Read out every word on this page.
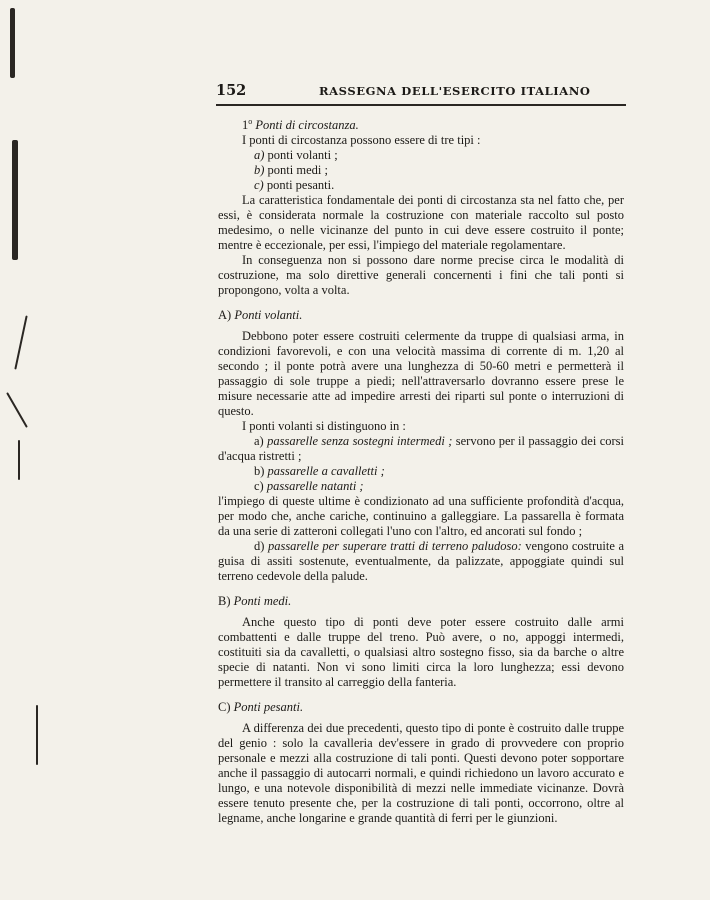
152	RASSEGNA DELL'ESERCITO ITALIANO

1$^o$ Ponti di circostanza.

I ponti di circostanza possono essere di tre tipi :

a) ponti volanti ;

b) ponti medi ;

c) ponti pesanti.

La caratteristica fondamentale dei ponti di circostanza sta nel fatto che, per essi, è considerata normale la costruzione con materiale raccolto sul posto medesimo, o nelle vicinanze del punto in cui deve essere costruito il ponte; mentre è eccezionale, per essi, l'impiego del materiale regolamentare.

In conseguenza non si possono dare norme precise circa le modalità di costruzione, ma solo direttive generali concernenti i fini che tali ponti si propongono, volta a volta.

A) Ponti volanti.

Debbono poter essere costruiti celermente da truppe di qualsiasi arma, in condizioni favorevoli, e con una velocità massima di corrente di m. 1,20 al secondo ; il ponte potrà avere una lunghezza di 50-60 metri e permetterà il passaggio di sole truppe a piedi; nell'attraversarlo dovranno essere prese le misure necessarie atte ad impedire arresti dei riparti sul ponte o interruzioni di questo.

I ponti volanti si distinguono in :

a) passarelle senza sostegni intermedi ; servono per il passaggio dei corsi d'acqua ristretti ;

b) passarelle a cavalletti ;

c) passarelle natanti ;

l'impiego di queste ultime è condizionato ad una sufficiente profondità d'acqua, per modo che, anche cariche, continuino a galleggiare. La passarella è formata da una serie di zatteroni collegati l'uno con l'altro, ed ancorati sul fondo ;

d) passarelle per superare tratti di terreno paludoso: vengono costruite a guisa di assiti sostenute, eventualmente, da palizzate, appoggiate quindi sul terreno cedevole della palude.

B) Ponti medi.

Anche questo tipo di ponti deve poter essere costruito dalle armi combattenti e dalle truppe del treno. Può avere, o no, appoggi intermedi, costituiti sia da cavalletti, o qualsiasi altro sostegno fisso, sia da barche o altre specie di natanti. Non vi sono limiti circa la loro lunghezza; essi devono permettere il transito al carreggio della fanteria.

C) Ponti pesanti.

A differenza dei due precedenti, questo tipo di ponte è costruito dalle truppe del genio : solo la cavalleria dev'essere in grado di provvedere con proprio personale e mezzi alla costruzione di tali ponti. Questi devono poter sopportare anche il passaggio di autocarri normali, e quindi richiedono un lavoro accurato e lungo, e una notevole disponibilità di mezzi nelle immediate vicinanze. Dovrà essere tenuto presente che, per la costruzione di tali ponti, occorrono, oltre al legname, anche longarine e grande quantità di ferri per le giunzioni.
